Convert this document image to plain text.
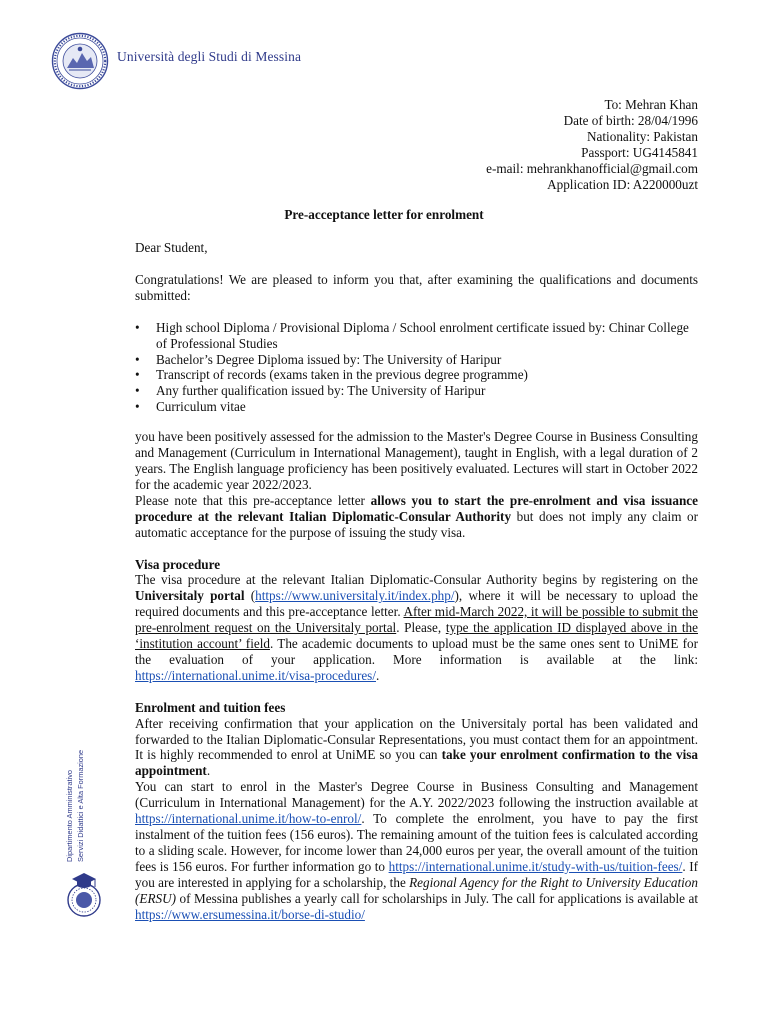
Università degli Studi di Messina
Dipartimento Amministrativo Servizi Didattici e Alta Formazione
To: Mehran Khan
Date of birth: 28/04/1996
Nationality: Pakistan
Passport: UG4145841
e-mail: mehrankhanofficial@gmail.com
Application ID: A220000uzt
Pre-acceptance letter for enrolment

Dear Student,

Congratulations! We are pleased to inform you that, after examining the qualifications and documents submitted:

• High school Diploma / Provisional Diploma / School enrolment certificate issued by: Chinar College of Professional Studies
• Bachelor’s Degree Diploma issued by: The University of Haripur
• Transcript of records (exams taken in the previous degree programme)
• Any further qualification issued by: The University of Haripur
• Curriculum vitae

you have been positively assessed for the admission to the Master's Degree Course in Business Consulting and Management (Curriculum in International Management), taught in English, with a legal duration of 2 years. The English language proficiency has been positively evaluated. Lectures will start in October 2022 for the academic year 2022/2023.

Please note that this pre-acceptance letter allows you to start the pre-enrolment and visa issuance procedure at the relevant Italian Diplomatic-Consular Authority but does not imply any claim or automatic acceptance for the purpose of issuing the study visa.

Visa procedure

The visa procedure at the relevant Italian Diplomatic-Consular Authority begins by registering on the Universitaly portal (https://www.universitaly.it/index.php/), where it will be necessary to upload the required documents and this pre-acceptance letter. After mid-March 2022, it will be possible to submit the pre-enrolment request on the Universitaly portal. Please, type the application ID displayed above in the ‘institution account’ field. The academic documents to upload must be the same ones sent to UniME for the evaluation of your application. More information is available at the link: https://international.unime.it/visa-procedures/.

Enrolment and tuition fees

After receiving confirmation that your application on the Universitaly portal has been validated and forwarded to the Italian Diplomatic-Consular Representations, you must contact them for an appointment. It is highly recommended to enrol at UniME so you can take your enrolment confirmation to the visa appointment.

You can start to enrol in the Master's Degree Course in Business Consulting and Management (Curriculum in International Management) for the A.Y. 2022/2023 following the instruction available at https://international.unime.it/how-to-enrol/. To complete the enrolment, you have to pay the first instalment of the tuition fees (156 euros). The remaining amount of the tuition fees is calculated according to a sliding scale. However, for income lower than 24,000 euros per year, the overall amount of the tuition fees is 156 euros. For further information go to https://international.unime.it/study-with-us/tuition-fees/. If you are interested in applying for a scholarship, the Regional Agency for the Right to University Education (ERSU) of Messina publishes a yearly call for scholarships in July. The call for applications is available at https://www.ersumessina.it/borse-di-studio/
